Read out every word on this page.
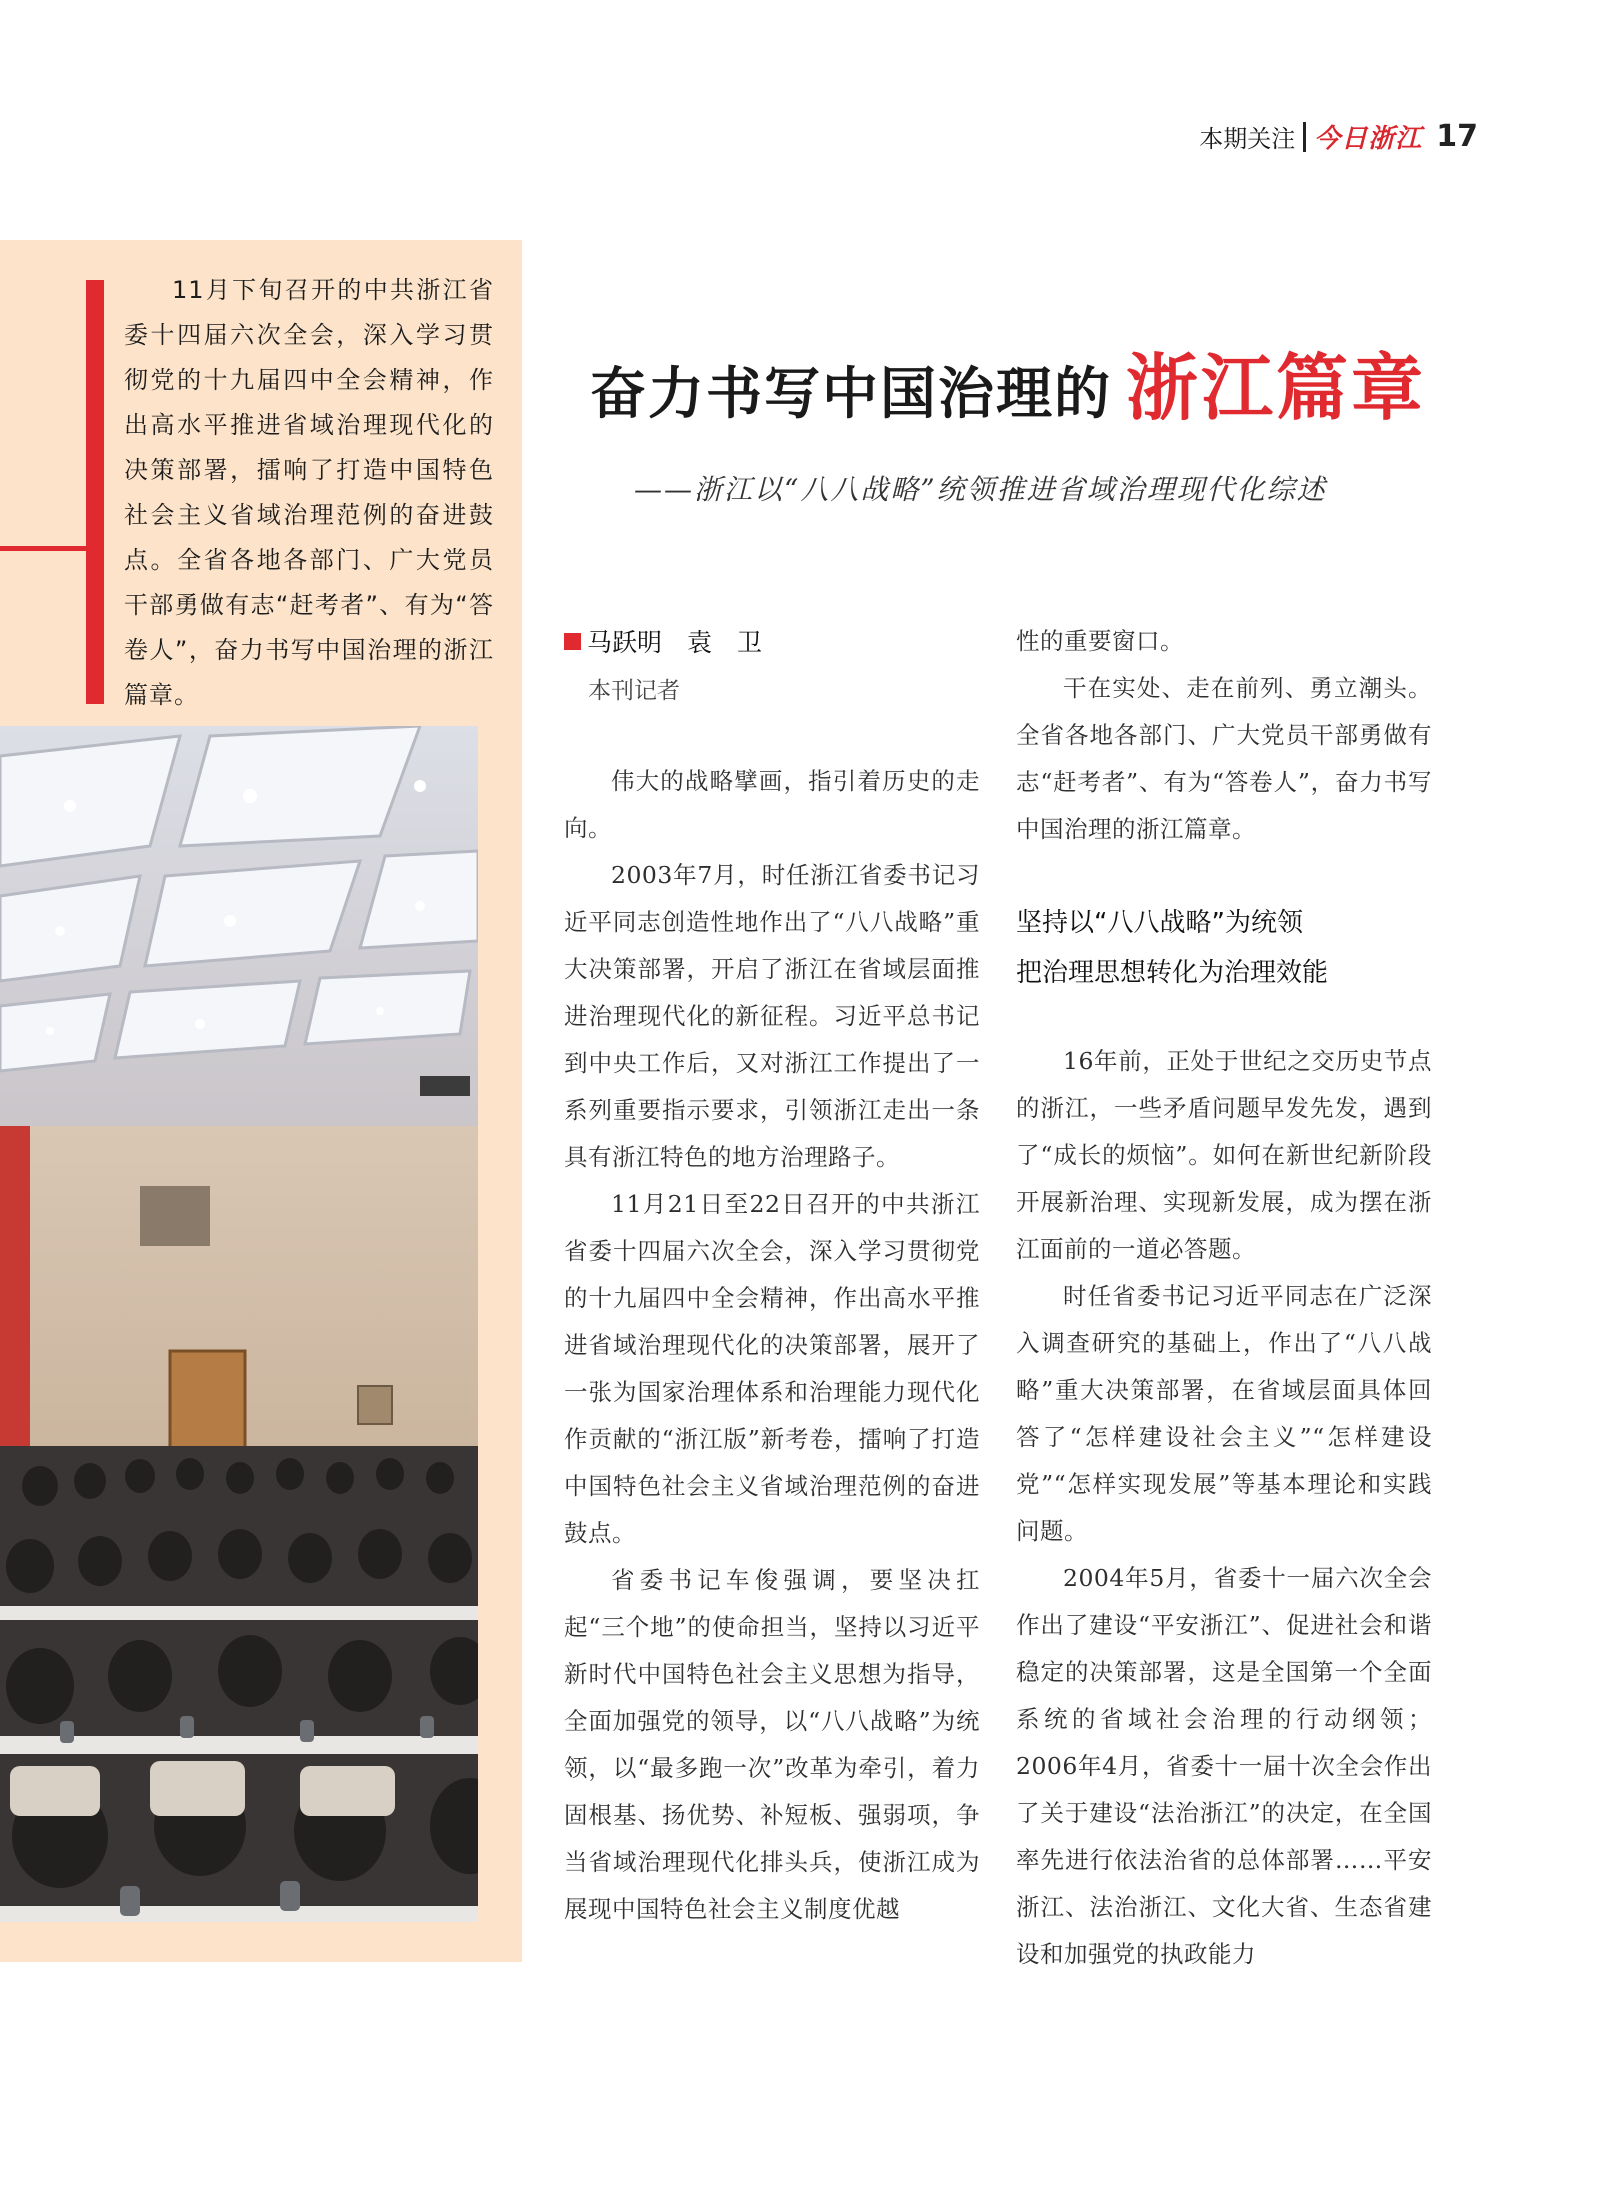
本期关注 今日浙江 17

11月下旬召开的中共浙江省委十四届六次全会，深入学习贯彻党的十九届四中全会精神，作出高水平推进省域治理现代化的决策部署，擂响了打造中国特色社会主义省域治理范例的奋进鼓点。全省各地各部门、广大党员干部勇做有志“赶考者”、有为“答卷人”，奋力书写中国治理的浙江篇章。

奋力书写中国治理的 浙江篇章

——浙江以“八八战略”统领推进省域治理现代化综述

马跃明　袁　卫
本刊记者

伟大的战略擘画，指引着历史的走向。

2003年7月，时任浙江省委书记习近平同志创造性地作出了“八八战略”重大决策部署，开启了浙江在省域层面推进治理现代化的新征程。习近平总书记到中央工作后，又对浙江工作提出了一系列重要指示要求，引领浙江走出一条具有浙江特色的地方治理路子。

11月21日至22日召开的中共浙江省委十四届六次全会，深入学习贯彻党的十九届四中全会精神，作出高水平推进省域治理现代化的决策部署，展开了一张为国家治理体系和治理能力现代化作贡献的“浙江版”新考卷，擂响了打造中国特色社会主义省域治理范例的奋进鼓点。

省委书记车俊强调，要坚决扛起“三个地”的使命担当，坚持以习近平新时代中国特色社会主义思想为指导，全面加强党的领导，以“八八战略”为统领，以“最多跑一次”改革为牵引，着力固根基、扬优势、补短板、强弱项，争当省域治理现代化排头兵，使浙江成为展现中国特色社会主义制度优越

性的重要窗口。

干在实处、走在前列、勇立潮头。全省各地各部门、广大党员干部勇做有志“赶考者”、有为“答卷人”，奋力书写中国治理的浙江篇章。

坚持以“八八战略”为统领
把治理思想转化为治理效能

16年前，正处于世纪之交历史节点的浙江，一些矛盾问题早发先发，遇到了“成长的烦恼”。如何在新世纪新阶段开展新治理、实现新发展，成为摆在浙江面前的一道必答题。

时任省委书记习近平同志在广泛深入调查研究的基础上，作出了“八八战略”重大决策部署，在省域层面具体回答了“怎样建设社会主义”“怎样建设党”“怎样实现发展”等基本理论和实践问题。

2004年5月，省委十一届六次全会作出了建设“平安浙江”、促进社会和谐稳定的决策部署，这是全国第一个全面系统的省域社会治理的行动纲领；2006年4月，省委十一届十次全会作出了关于建设“法治浙江”的决定，在全国率先进行依法治省的总体部署……平安浙江、法治浙江、文化大省、生态省建设和加强党的执政能力
